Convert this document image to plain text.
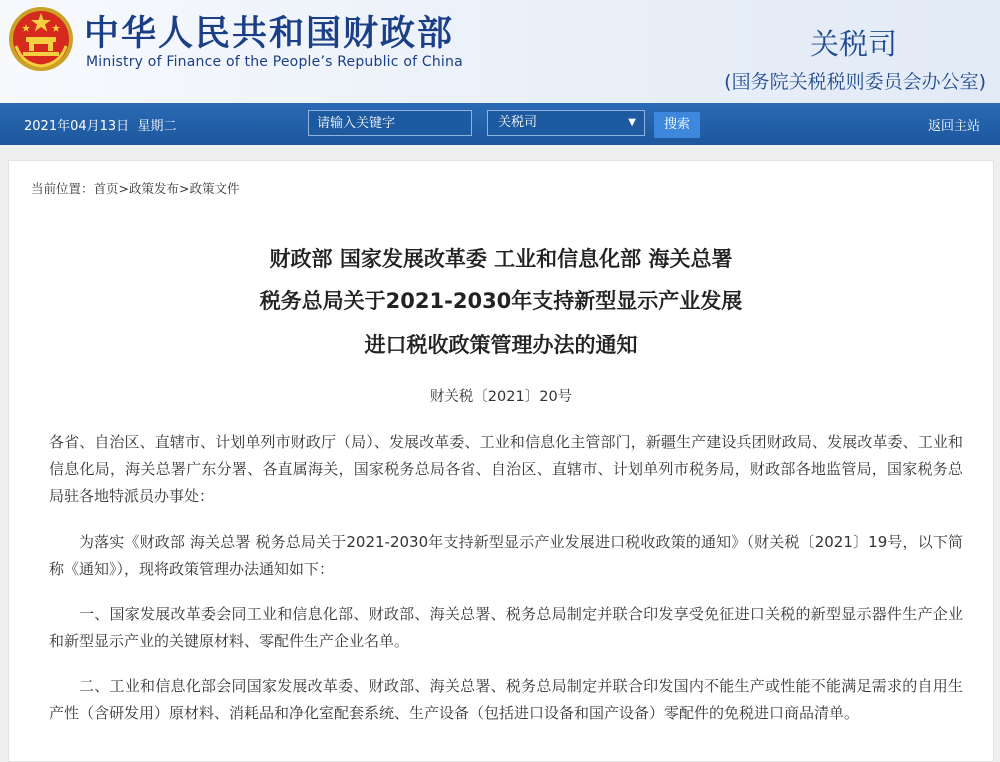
中华人民共和国财政部
Ministry of Finance of the People’s Republic of China
关税司
(国务院关税税则委员会办公室)
2021年04月13日 星期二
请输入关键字	关税司	▼	搜索	返回主站
当前位置：首页>政策发布>政策文件
财政部 国家发展改革委 工业和信息化部 海关总署
税务总局关于2021-2030年支持新型显示产业发展
进口税收政策管理办法的通知
财关税〔2021〕20号
各省、自治区、直辖市、计划单列市财政厅（局）、发展改革委、工业和信息化主管部门，新疆生产建设兵团财政局、发展改革委、工业和信息化局，海关总署广东分署、各直属海关，国家税务总局各省、自治区、直辖市、计划单列市税务局，财政部各地监管局，国家税务总局驻各地特派员办事处：
为落实《财政部 海关总署 税务总局关于2021-2030年支持新型显示产业发展进口税收政策的通知》（财关税〔2021〕19号，以下简称《通知》），现将政策管理办法通知如下：
一、国家发展改革委会同工业和信息化部、财政部、海关总署、税务总局制定并联合印发享受免征进口关税的新型显示器件生产企业和新型显示产业的关键原材料、零配件生产企业名单。
二、工业和信息化部会同国家发展改革委、财政部、海关总署、税务总局制定并联合印发国内不能生产或性能不能满足需求的自用生产性（含研发用）原材料、消耗品和净化室配套系统、生产设备（包括进口设备和国产设备）零配件的免税进口商品清单。
